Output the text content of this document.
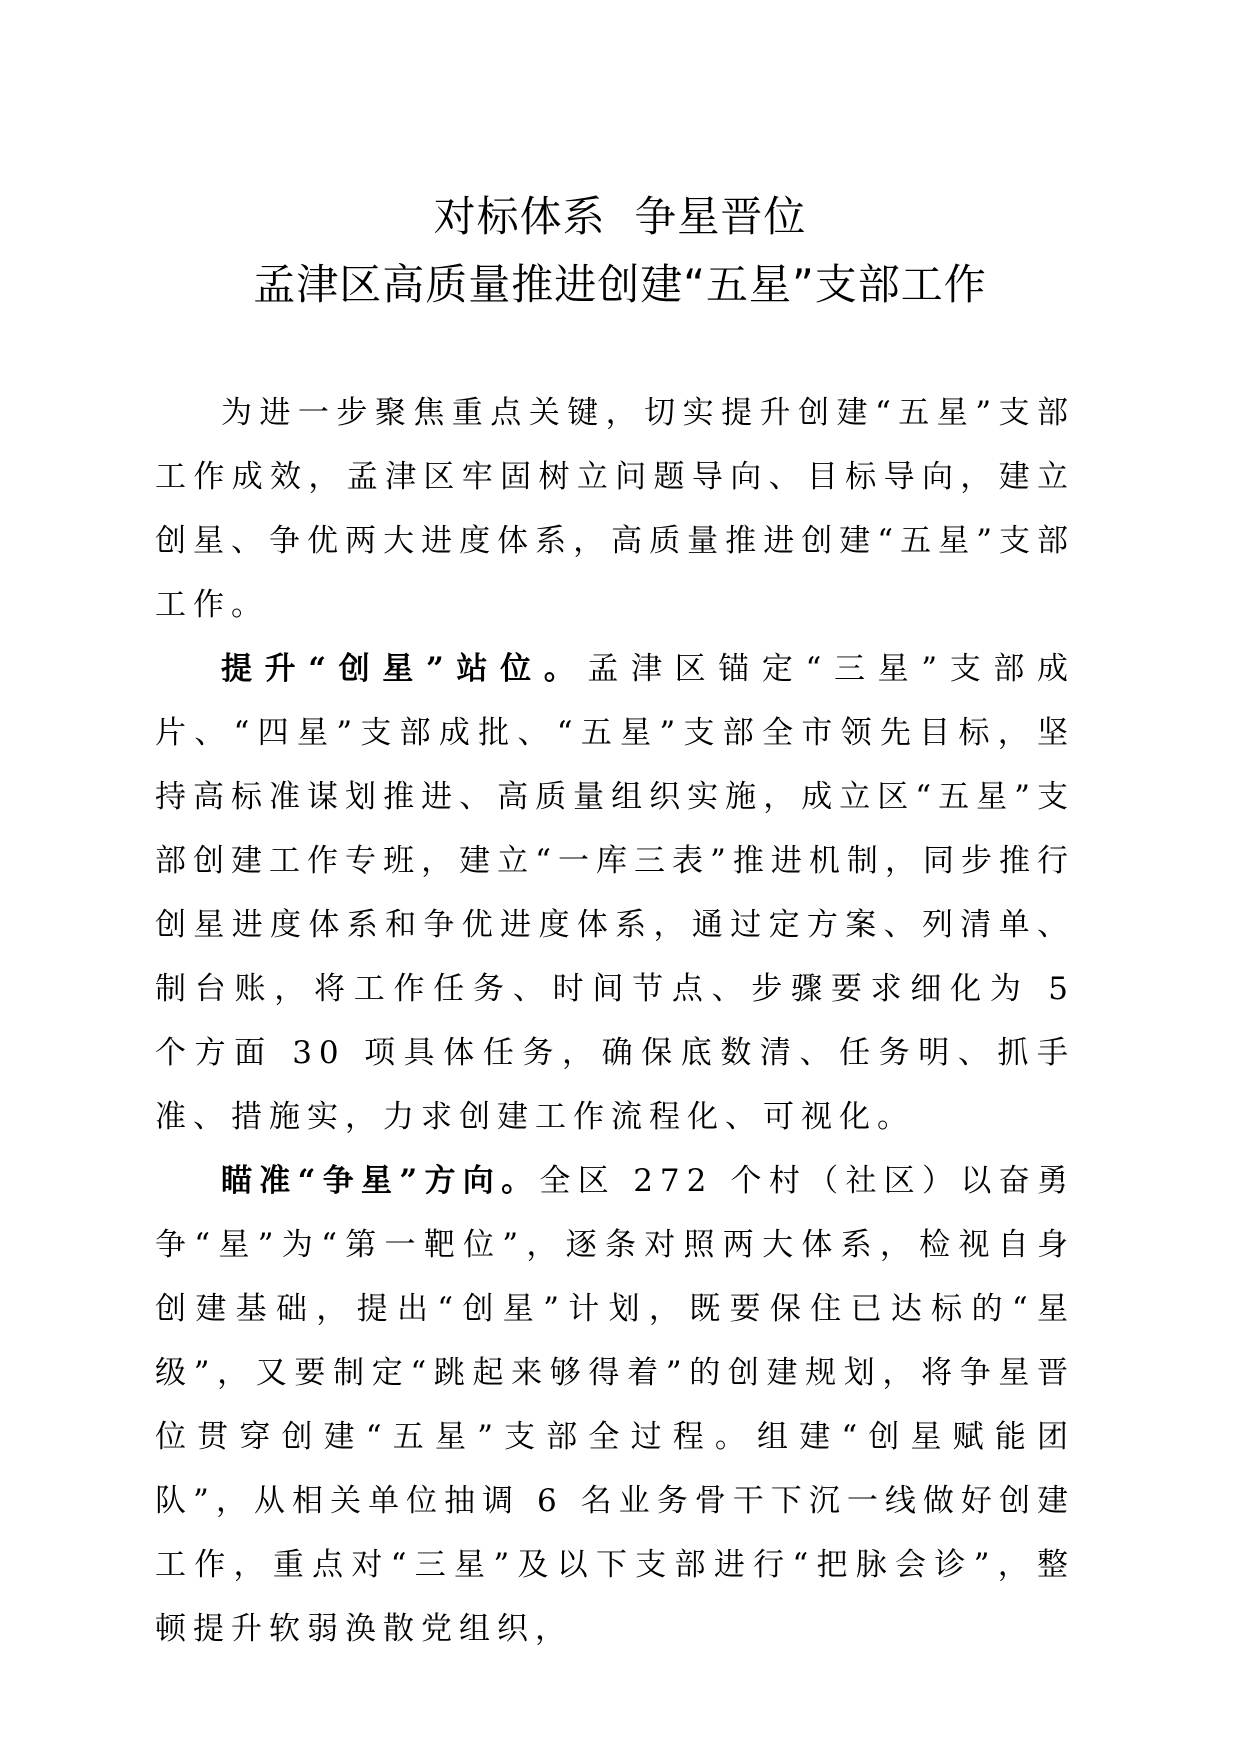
对标体系  争星晋位
孟津区高质量推进创建“五星”支部工作

为进一步聚焦重点关键，切实提升创建“五星”支部工作成效，孟津区牢固树立问题导向、目标导向，建立创星、争优两大进度体系，高质量推进创建“五星”支部工作。

提升“创星”站位。孟津区锚定“三星”支部成片、“四星”支部成批、“五星”支部全市领先目标，坚持高标准谋划推进、高质量组织实施，成立区“五星”支部创建工作专班，建立“一库三表”推进机制，同步推行创星进度体系和争优进度体系，通过定方案、列清单、制台账，将工作任务、时间节点、步骤要求细化为 5 个方面 30 项具体任务，确保底数清、任务明、抓手准、措施实，力求创建工作流程化、可视化。

瞄准“争星”方向。全区 272 个村（社区）以奋勇争“星”为“第一靶位”，逐条对照两大体系，检视自身创建基础，提出“创星”计划，既要保住已达标的“星级”，又要制定“跳起来够得着”的创建规划，将争星晋位贯穿创建“五星”支部全过程。组建“创星赋能团队”，从相关单位抽调 6 名业务骨干下沉一线做好创建工作，重点对“三星”及以下支部进行“把脉会诊”，整顿提升软弱涣散党组织，
